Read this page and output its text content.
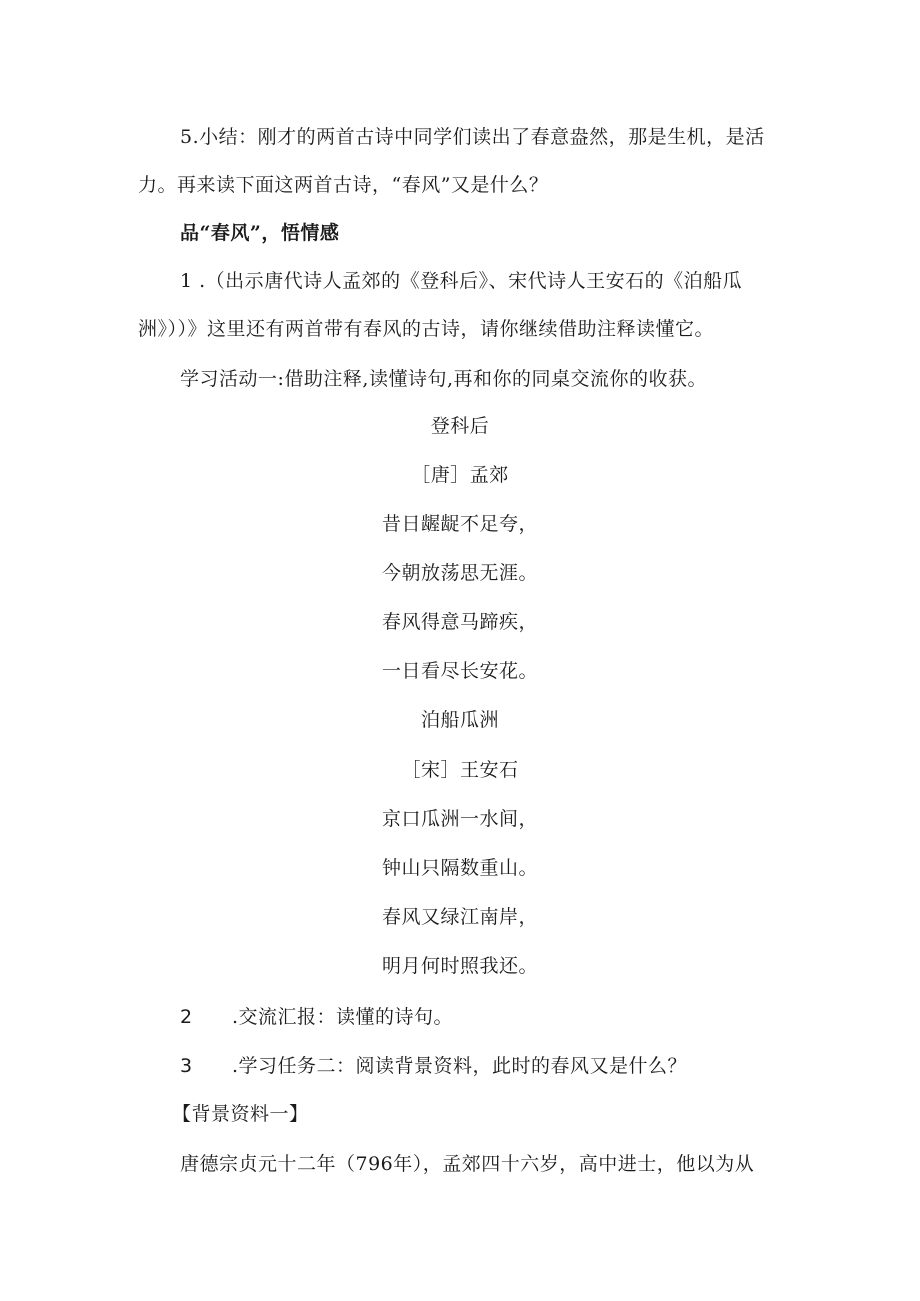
5.小结：刚才的两首古诗中同学们读出了春意盎然，那是生机，是活
力。再来读下面这两首古诗，“春风”又是什么？
品“春风”，悟情感
1 .（出示唐代诗人孟郊的《登科后》、宋代诗人王安石的《泊船瓜
洲》））》这里还有两首带有春风的古诗，请你继续借助注释读懂它。
学习活动一:借助注释,读懂诗句,再和你的同桌交流你的收获。
登科后
［唐］孟郊
昔日龌龊不足夸，
今朝放荡思无涯。
春风得意马蹄疾，
一日看尽长安花。
泊船瓜洲
［宋］王安石
京口瓜洲一水间，
钟山只隔数重山。
春风又绿江南岸，
明月何时照我还。
2 .交流汇报：读懂的诗句。
3 .学习任务二：阅读背景资料，此时的春风又是什么？
【背景资料一】
唐德宗贞元十二年（796年），孟郊四十六岁，高中进士，他以为从
